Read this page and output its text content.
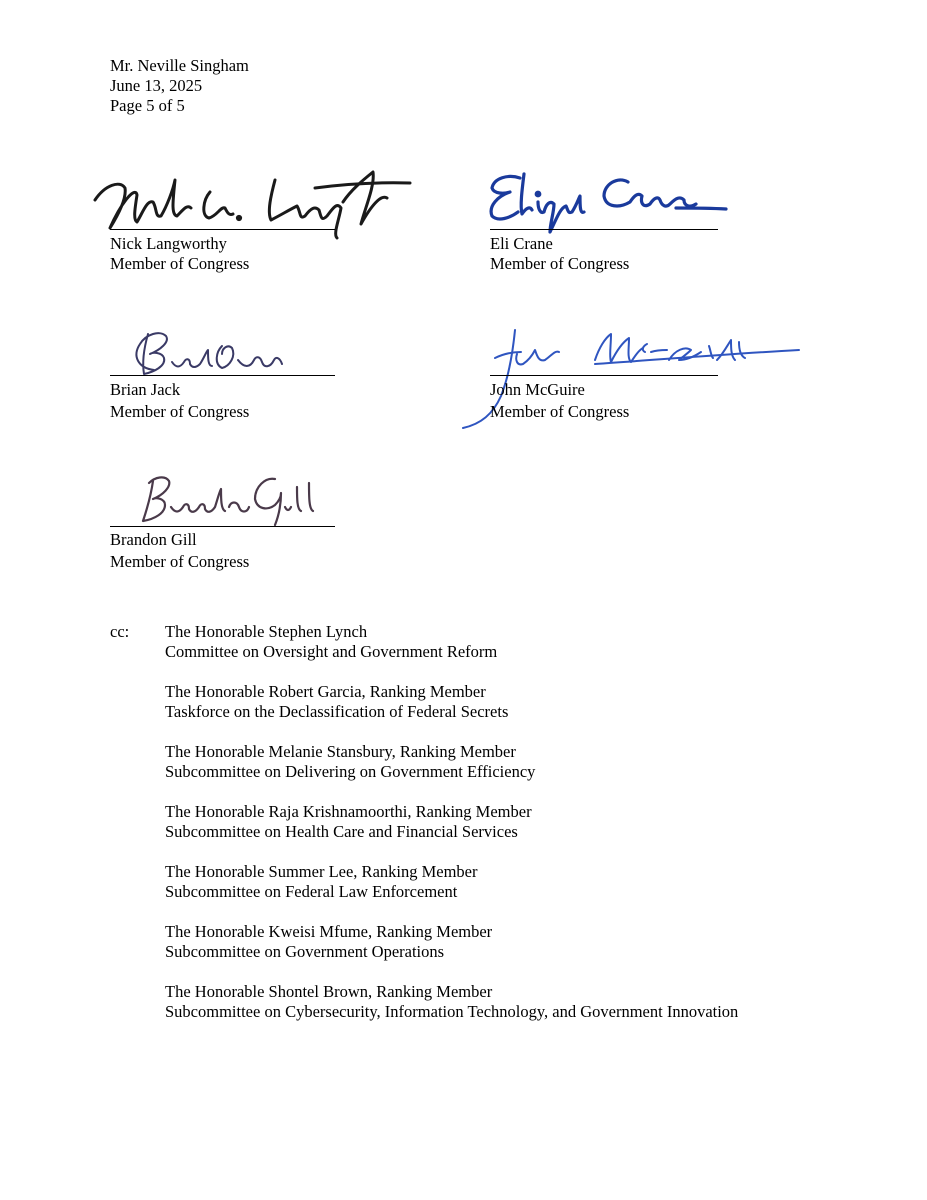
Mr. Neville Singham
June 13, 2025
Page 5 of 5
Nick Langworthy
Member of Congress
Eli Crane
Member of Congress
Brian Jack
Member of Congress
John McGuire
Member of Congress
Brandon Gill
Member of Congress
cc: The Honorable Stephen Lynch
Committee on Oversight and Government Reform
The Honorable Robert Garcia, Ranking Member
Taskforce on the Declassification of Federal Secrets
The Honorable Melanie Stansbury, Ranking Member
Subcommittee on Delivering on Government Efficiency
The Honorable Raja Krishnamoorthi, Ranking Member
Subcommittee on Health Care and Financial Services
The Honorable Summer Lee, Ranking Member
Subcommittee on Federal Law Enforcement
The Honorable Kweisi Mfume, Ranking Member
Subcommittee on Government Operations
The Honorable Shontel Brown, Ranking Member
Subcommittee on Cybersecurity, Information Technology, and Government Innovation
